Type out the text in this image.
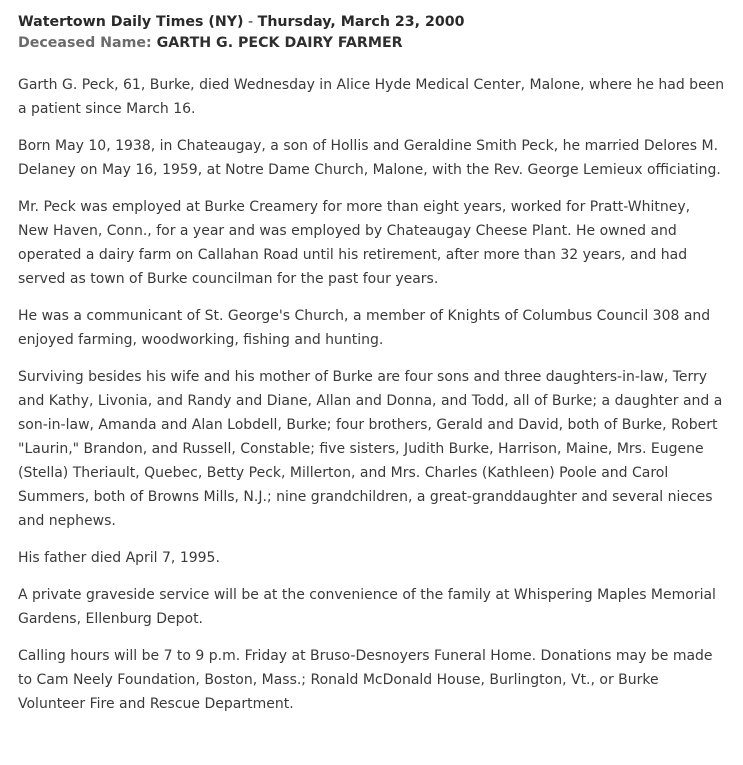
Watertown Daily Times (NY) - Thursday, March 23, 2000
Deceased Name: GARTH G. PECK DAIRY FARMER

Garth G. Peck, 61, Burke, died Wednesday in Alice Hyde Medical Center, Malone, where he had been a patient since March 16.

Born May 10, 1938, in Chateaugay, a son of Hollis and Geraldine Smith Peck, he married Delores M. Delaney on May 16, 1959, at Notre Dame Church, Malone, with the Rev. George Lemieux officiating.

Mr. Peck was employed at Burke Creamery for more than eight years, worked for Pratt-Whitney, New Haven, Conn., for a year and was employed by Chateaugay Cheese Plant. He owned and operated a dairy farm on Callahan Road until his retirement, after more than 32 years, and had served as town of Burke councilman for the past four years.

He was a communicant of St. George's Church, a member of Knights of Columbus Council 308 and enjoyed farming, woodworking, fishing and hunting.

Surviving besides his wife and his mother of Burke are four sons and three daughters-in-law, Terry and Kathy, Livonia, and Randy and Diane, Allan and Donna, and Todd, all of Burke; a daughter and a son-in-law, Amanda and Alan Lobdell, Burke; four brothers, Gerald and David, both of Burke, Robert "Laurin," Brandon, and Russell, Constable; five sisters, Judith Burke, Harrison, Maine, Mrs. Eugene (Stella) Theriault, Quebec, Betty Peck, Millerton, and Mrs. Charles (Kathleen) Poole and Carol Summers, both of Browns Mills, N.J.; nine grandchildren, a great-granddaughter and several nieces and nephews.

His father died April 7, 1995.

A private graveside service will be at the convenience of the family at Whispering Maples Memorial Gardens, Ellenburg Depot.

Calling hours will be 7 to 9 p.m. Friday at Bruso-Desnoyers Funeral Home. Donations may be made to Cam Neely Foundation, Boston, Mass.; Ronald McDonald House, Burlington, Vt., or Burke Volunteer Fire and Rescue Department.
